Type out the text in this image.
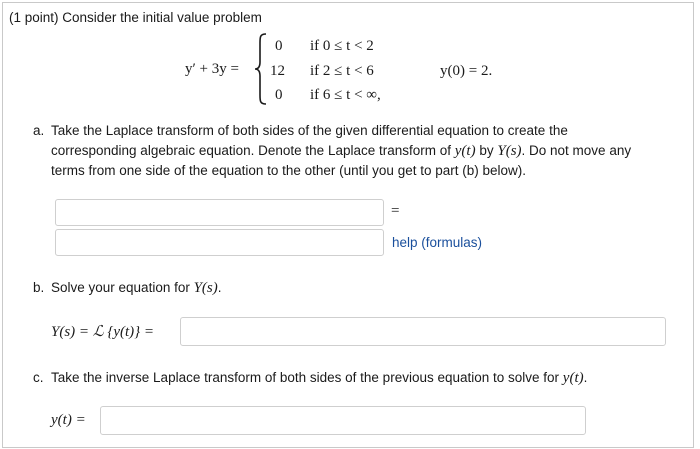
(1 point) Consider the initial value problem
y′ + 3y =
0 if 0 ≤ t < 2
12 if 2 ≤ t < 6
0 if 6 ≤ t < ∞,
y(0) = 2.
a. Take the Laplace transform of both sides of the given differential equation to create the
corresponding algebraic equation. Denote the Laplace transform of y(t) by Y(s). Do not move any
terms from one side of the equation to the other (until you get to part (b) below).
=
help (formulas)
b. Solve your equation for Y(s).
Y(s) = ℒ {y(t)} =
c. Take the inverse Laplace transform of both sides of the previous equation to solve for y(t).
y(t) =
